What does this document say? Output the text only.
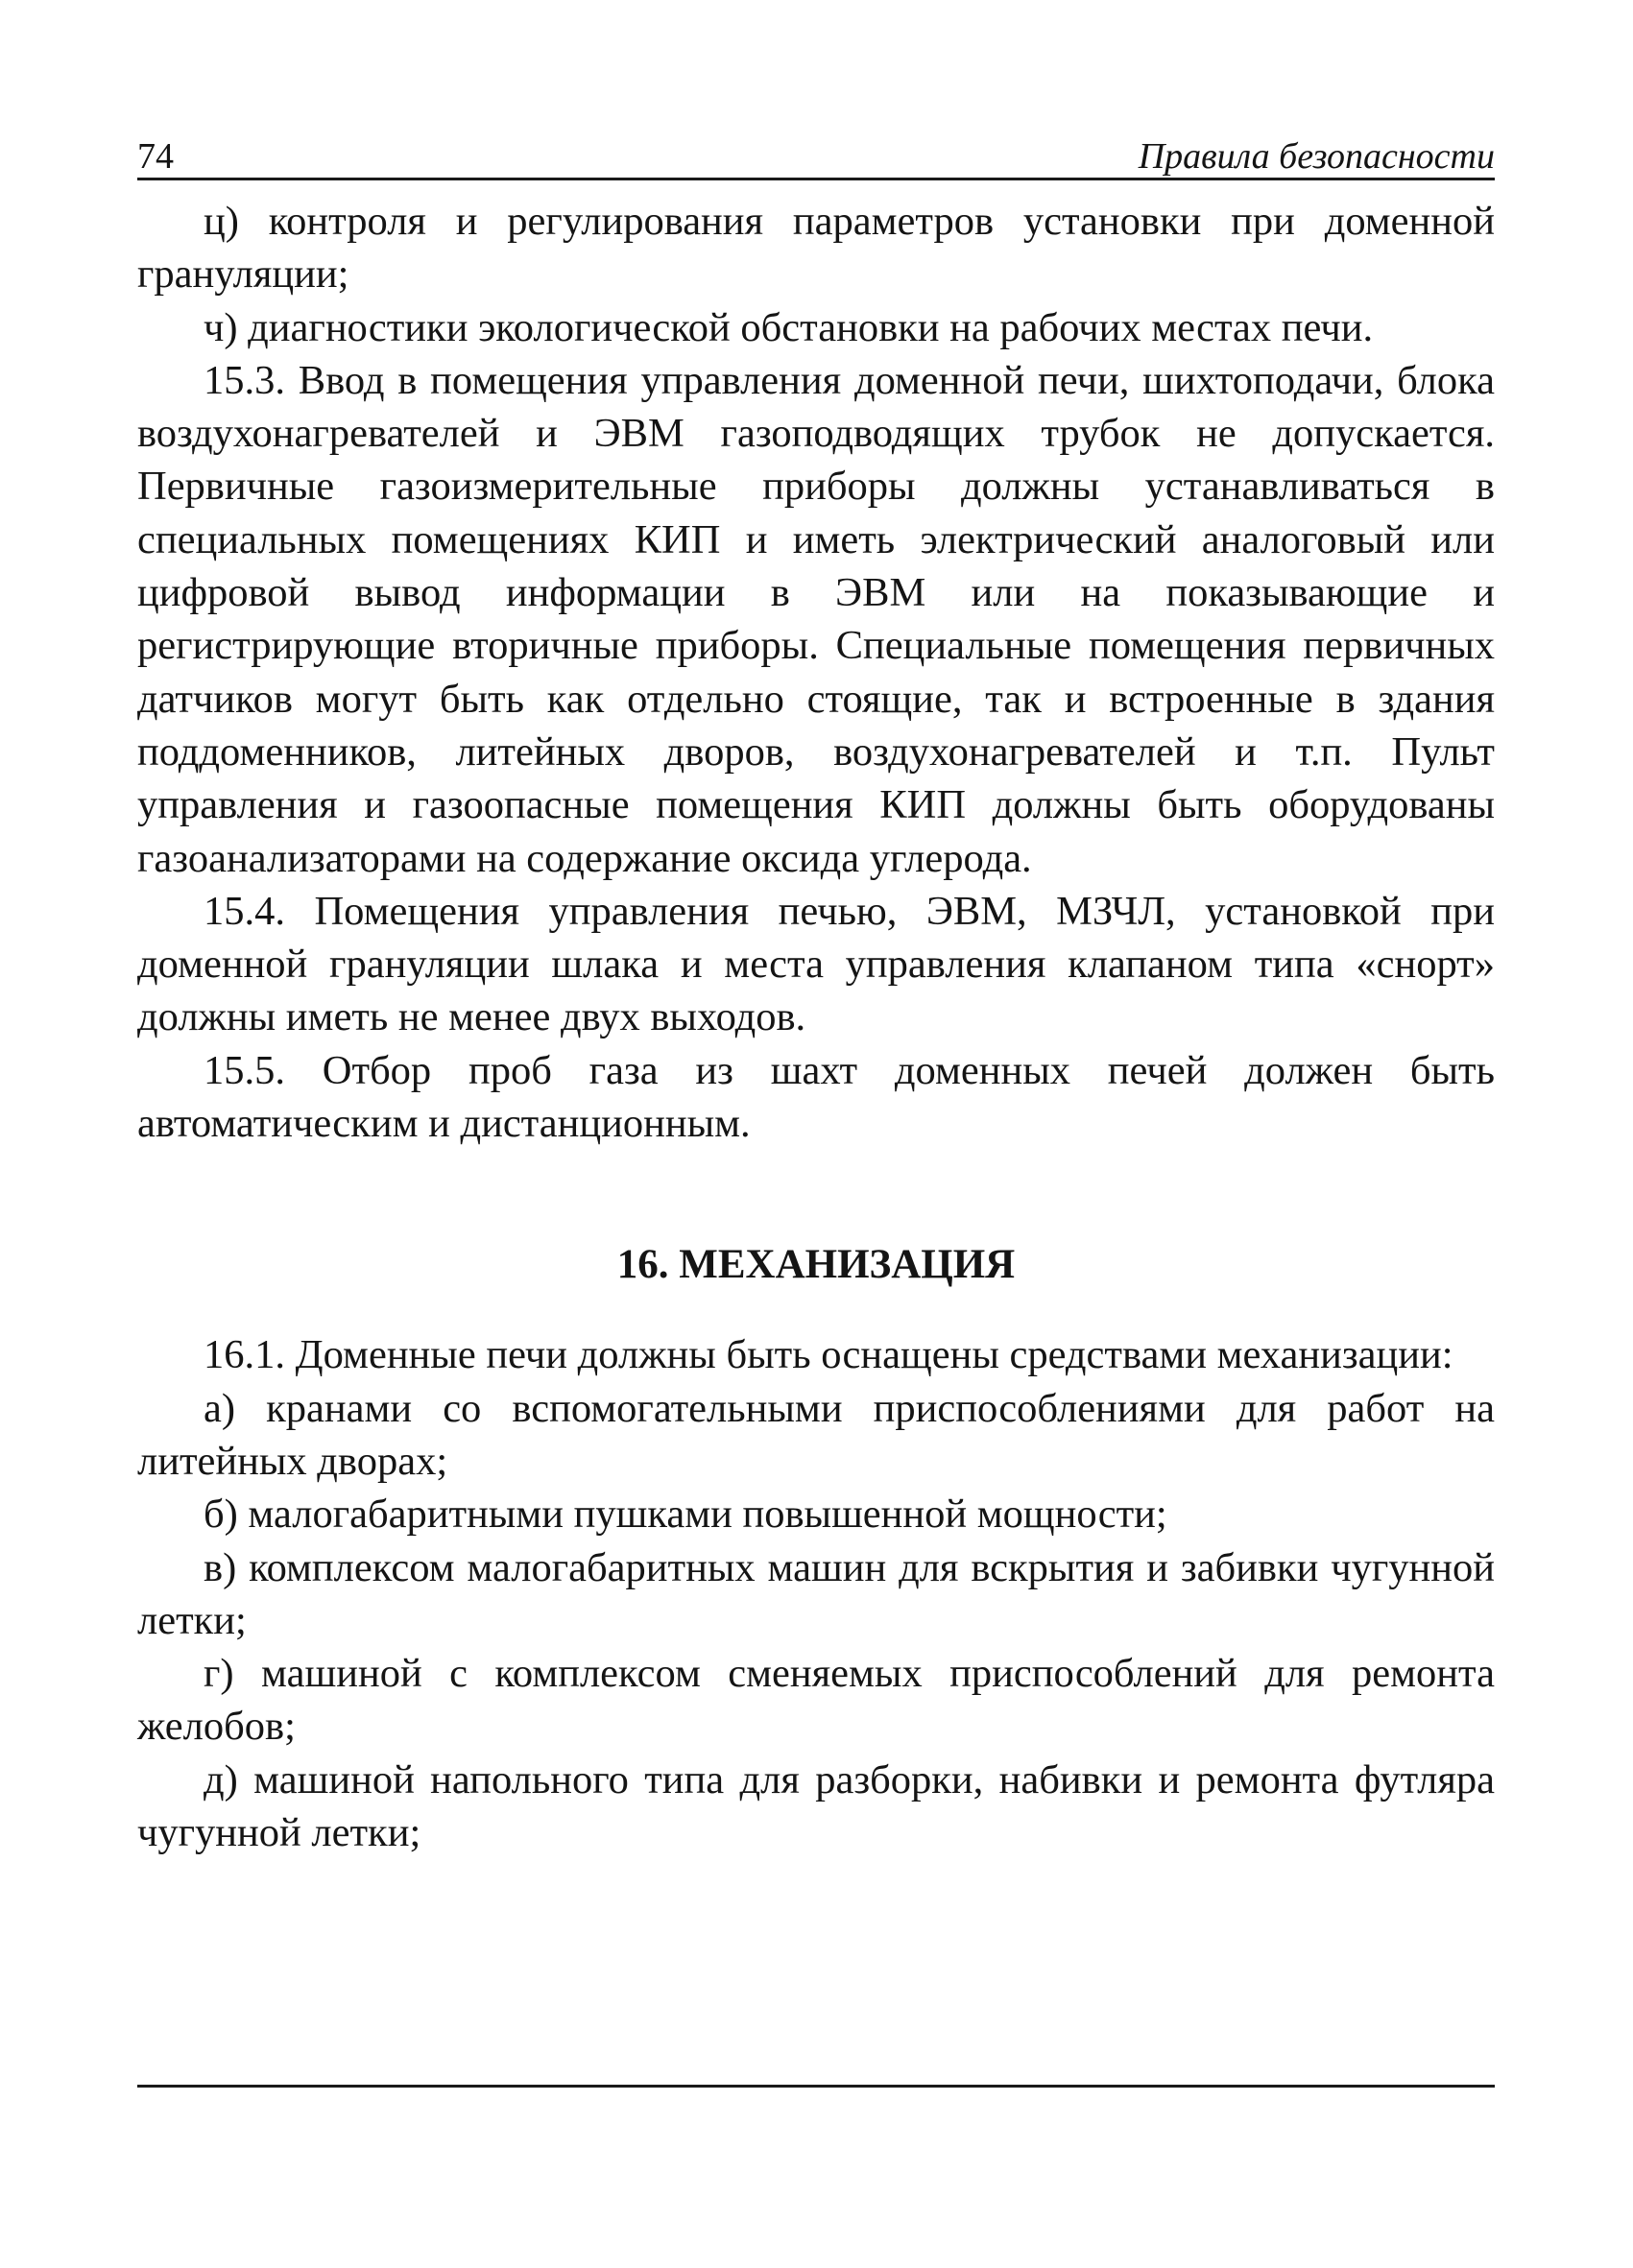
74	Правила безопасности

ц) контроля и регулирования параметров установки при доменной грануляции;

ч) диагностики экологической обстановки на рабочих местах печи.

15.3. Ввод в помещения управления доменной печи, шихтоподачи, блока воздухонагревателей и ЭВМ газоподводящих трубок не допускается. Первичные газоизмерительные приборы должны устанавливаться в специальных помещениях КИП и иметь электрический аналоговый или цифровой вывод информации в ЭВМ или на показывающие и регистрирующие вторичные приборы. Специальные помещения первичных датчиков могут быть как отдельно стоящие, так и встроенные в здания поддоменников, литейных дворов, воздухонагревателей и т.п. Пульт управления и газоопасные помещения КИП должны быть оборудованы газоанализаторами на содержание оксида углерода.

15.4. Помещения управления печью, ЭВМ, МЗЧЛ, установкой при доменной грануляции шлака и места управления клапаном типа «снорт» должны иметь не менее двух выходов.

15.5. Отбор проб газа из шахт доменных печей должен быть автоматическим и дистанционным.

16. МЕХАНИЗАЦИЯ

16.1. Доменные печи должны быть оснащены средствами механизации:

а) кранами со вспомогательными приспособлениями для работ на литейных дворах;

б) малогабаритными пушками повышенной мощности;

в) комплексом малогабаритных машин для вскрытия и забивки чугунной летки;

г) машиной с комплексом сменяемых приспособлений для ремонта желобов;

д) машиной напольного типа для разборки, набивки и ремонта футляра чугунной летки;
